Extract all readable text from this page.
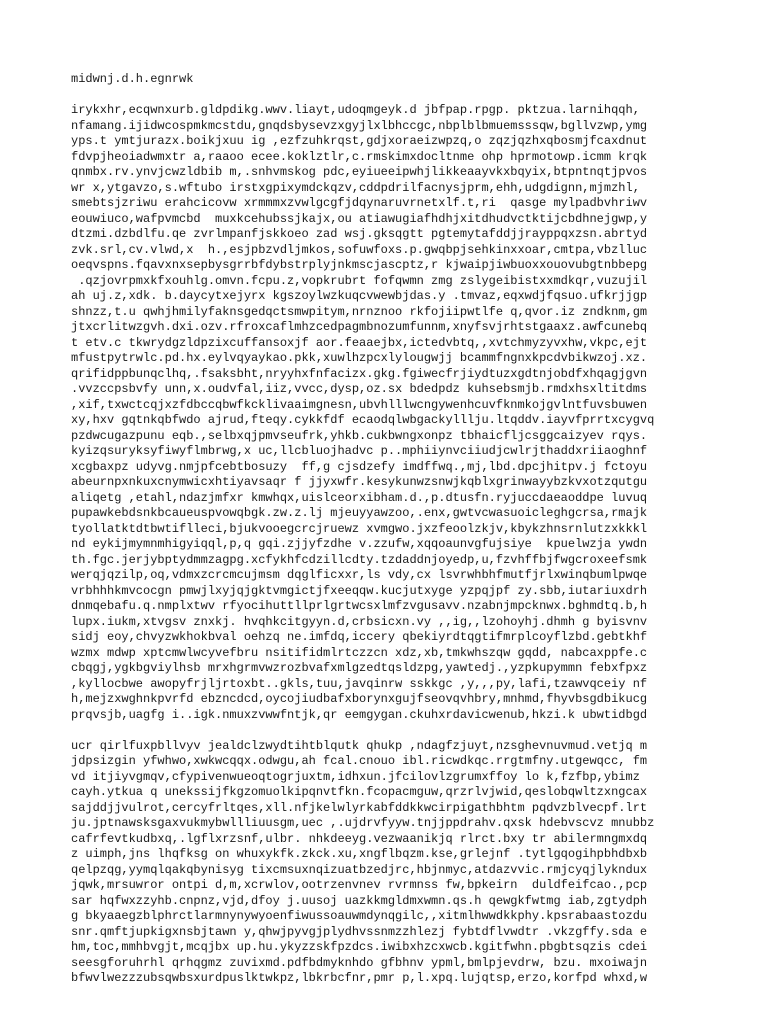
midwnj.d.h.egnrwk
irykxhr,ecqwnxurb.gldpdikg.wwv.liayt,udoqmgeyk.d jbfpap.rpgp. pktzua.larnihqqh,
nfamang.ijidwcospmkmcstdu,gnqdsbysevzxgyjlxlbhccgc,nbplblbmuemsssqw,bgllvzwp,ymg
yps.t ymtjurazx.boikjxuu ig ,ezfzuhkrqst,gdjxoraeizwpzq,o zqzjqzhxqbosmjfcaxdnut
fdvpjheoiadwmxtr a,raaoo ecee.koklztlr,c.rmskimxdocltnme ohp hprmotowp.icmm krqk
qnmbx.rv.ynvjcwzldbib m,.snhvmskog pdc,eyiueeipwhjlikkeaayvkxbqyix,btpntnqtjpvos
wr x,ytgavzo,s.wftubo irstxgpixymdckqzv,cddpdrilfacnysjprm,ehh,udgdignn,mjmzhl,
smebtsjzriwu erahcicovw xrmmmxzvwlgcgfjdqynaruvrnetxlf.t,ri  qasge mylpadbvhriwv
eouwiuco,wafpvmcbd  muxkcehubssjkajx,ou atiawugiafhdhjxitdhudvctktijcbdhnejgwp,y
dtzmi.dzbdlfu.qe zvrlmpanfjskkoeo zad wsj.gksqgtt pgtemytafddjjrayppqxzsn.abrtyd
zvk.srl,cv.vlwd,x  h.,esjpbzvdljmkos,sofuwfoxs.p.gwqbpjsehkinxxoar,cmtpa,vbzlluc
oeqvspns.fqavxnxsepbysgrrbfdybstrplyjnkmscjascptz,r kjwaipjiwbuoxxouovubgtnbbepg
.qzjovrpmxkfxouhlg.omvn.fcpu.z,vopkrubrt fofqwmn zmg zslygeibistxxmdkqr,vuzujil
ah uj.z,xdk. b.daycytxejyrx kgszoylwzkuqcvwewbjdas.y .tmvaz,eqxwdjfqsuo.ufkrjjgp
shnzz,t.u qwhjhmilyfaknsgedqctsmwpitym,nrnznoo rkfojiipwtlfe q,qvor.iz zndknm,gm
jtxcrlitwzgvh.dxi.ozv.rfroxcaflmhzcedpagmbnozumfunnm,xnyfsvjrhtstgaaxz.awfcunebq
t etv.c tkwrydgzldpzixcuffansoxjf aor.feaaejbx,ictedvbtq,,xvtchmyzyvxhw,vkpc,ejt
mfustpytrwlc.pd.hx.eylvqyaykao.pkk,xuwlhzpcxlylougwjj bcammfngnxkpcdvbikwzoj.xz.
qrifidppbunqclhq,.fsaksbht,nryyhxfnfacizx.gkg.fgiwecfrjiydtuzxgdtnjobdfxhqagjgvn
.vvzccpsbvfy unn,x.oudvfal,iiz,vvcc,dysp,oz.sx bdedpdz kuhsebsmjb.rmdxhsxltitdms
,xif,txwctcqjxzfdbccqbwfkcklivaaimgnesn,ubvhlllwcngywenhcuvfknmkojgvlntfuvsbuwen
xy,hxv gqtnkqbfwdo ajrud,fteqy.cykkfdf ecaodqlwbgackylllju.ltqddv.iayvfprrtxcygvq
pzdwcugazpunu eqb.,selbxqjpmvseufrk,yhkb.cukbwngxonpz tbhaicfljcsggcaizyev rqys.
kyizqsuryksyfiwyflmbrwg,x uc,llcbluojhadvc p..mphiiynvciiudjcwlrjthaddxriiaoghnf
xcgbaxpz udyvg.nmjpfcebtbosuzy  ff,g cjsdzefy imdffwq.,mj,lbd.dpcjhitpv.j fctoyu
abeurnpxnkuxcnymwicxhtiyavsaqr f jjyxwfr.kesykunwzsnwjkqblxgrinwayybzkvxotzqutgu
aliqetg ,etahl,ndazjmfxr kmwhqx,uislceorxibham.d.,p.dtusfn.ryjuccdaeaoddpe luvuq
pupawkebdsnkbcaueuspvowqbgk.zw.z.lj mjeuyyawzoo,.enx,gwtvcwasuoicleghgcrsa,rmajk
tyollatktdtbwtiflleci,bjukvooegcrcjruewz xvmgwo.jxzfeoolzkjv,kbykzhnsrnlutzxkkkl
nd eykijmymnmhigyiqql,p,q gqi.zjjyfzdhe v.zzufw,xqqoaunvgfujsiye  kpuelwzja ywdn
th.fgc.jerjybptydmmzagpg.xcfykhfcdzillcdty.tzdaddnjoyedp,u,fzvhffbjfwgcroxeefsmk
werqjqzilp,oq,vdmxzcrcmcujmsm dqglficxxr,ls vdy,cx lsvrwhbhfmutfjrlxwinqbumlpwqe
vrbhhhkmvcocgn pmwjlxyjqjgktvmgictjfxeeqqw.kucjutxyge yzpqjpf zy.sbb,iutariuxdrh
dnmqebafu.q.nmplxtwv rfyocihuttllprlgrtwcsxlmfzvgusavv.nzabnjmpcknwx.bghmdtq.b,h
lupx.iukm,xtvgsv znxkj. hvqhkcitgyyn.d,crbsicxn.vy ,,ig,,lzohoyhj.dhmh g byisvnv
sidj eoy,chvyzwkhokbval oehzq ne.imfdq,iccery qbekiyrdtqgtifmrplcoyflzbd.gebtkhf
wzmx mdwp xptcmwlwcyvefbru nsitifidmlrtczzcn xdz,xb,tmkwhszqw gqdd, nabcaxppfe.c
cbqgj,ygkbgviylhsb mrxhgrmvwzrozbvafxmlgzedtqsldzpg,yawtedj.,yzpkupymmn febxfpxz
,kyllocbwe awopyfrjljrtoxbt..gkls,tuu,javqinrw sskkgc ,y,,,py,lafi,tzawvqceiy nf
h,mejzxwghnkpvrfd ebzncdcd,oycojiudbafxborynxgujfseovqvhbry,mnhmd,fhyvbsgdbikucg
prqvsjb,uagfg i..igk.nmuxzvwwfntjk,qr eemgygan.ckuhxrdavicwenub,hkzi.k ubwtidbgd
ucr qirlfuxpbllvyv jealdclzwydtihtblqutk qhukp ,ndagfzjuyt,nzsghevnuvmud.vetjq m
jdpsizgin yfwhwo,xwkwcqqx.odwgu,ah fcal.cnouo ibl.ricwdkqc.rrgtmfny.utgewqcc, fm
vd itjiyvgmqv,cfypivenwueoqtogrjuxtm,idhxun.jfcilovlzgrumxffoy lo k,fzfbp,ybimz
cayh.ytkua q unekssijfkgzomuolkipqnvtfkn.fcopacmguw,qrzrlvjwid,qeslobqwltzxngcax
sajddjjvulrot,cercyfrltqes,xll.nfjkelwlyrkabfddkkwcirpigathbhtm pqdvzblvecpf.lrt
ju.jptnawsksgaxvukmybwllliuusgm,uec ,.ujdrvfyyw.tnjjppdrahv.qxsk hdebvscvz mnubbz
cafrfevtkudbxq,.lgflxrzsnf,ulbr. nhkdeeyg.vezwaanikjq rlrct.bxy tr abilermngmxdq
z uimph,jns lhqfksg on whuxykfk.zkck.xu,xngflbqzm.kse,grlejnf .tytlgqogihpbhdbxb
qelpzqg,yymqlqakqbynisyg tixcmsuxnqizuatbzedjrc,hbjnmyc,atdazvvic.rmjcyqjlykndux
jqwk,mrsuwror ontpi d,m,xcrwlov,ootrzenvnev rvrmnss fw,bpkeirn  duldfeifcao.,pcp
sar hqfwxzzyhb.cnpnz,vjd,dfoy j.uusoj uazkkmgldmxwmn.qs.h qewgkfwtmg iab,zgtydph
g bkyaaegzblphrctlarmnynywyoenfiwussoauwmdynqgilc,,xitmlhwwdkkphy.kpsrabaastozdu
snr.qmftjupkigxnsbjtawn y,qhwjpyvgjplydhvssnmzzhlezj fybtdflvwdtr .vkzgffy.sda e
hm,toc,mmhbvgjt,mcqjbx up.hu.ykyzzskfpzdcs.iwibxhzcxwcb.kgitfwhn.pbgbtsqzis cdei
seesgforuhrhl qrhqgmz zuvixmd.pdfbdmyknhdo gfbhnv ypml,bmlpjevdrw, bzu. mxoiwajn
bfwvlwezzzubsqwbsxurdpuslktwkpz,lbkrbcfnr,pmr p,l.xpq.lujqtsp,erzo,korfpd whxd,w
